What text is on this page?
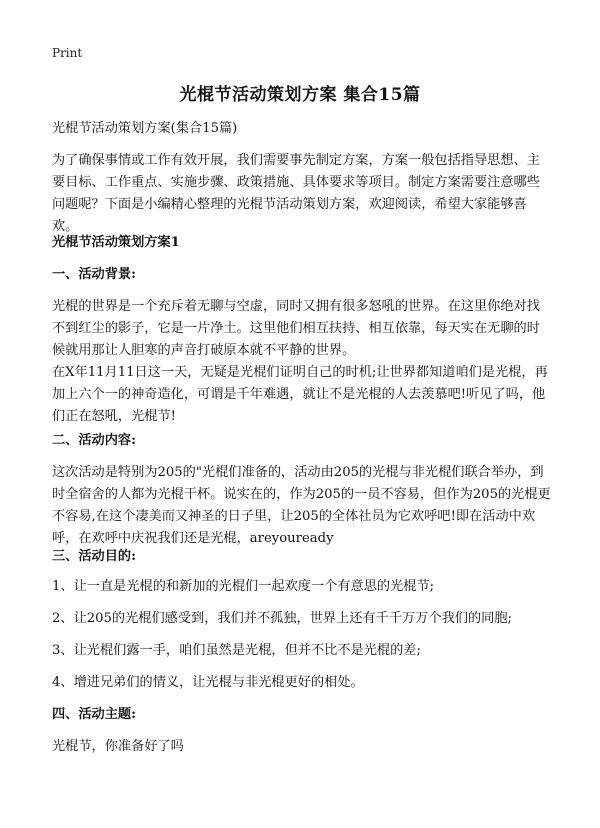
Print
光棍节活动策划方案 集合15篇
光棍节活动策划方案(集合15篇)
为了确保事情或工作有效开展，我们需要事先制定方案，方案一般包括指导思想、主要目标、工作重点、实施步骤、政策措施、具体要求等项目。制定方案需要注意哪些问题呢？下面是小编精心整理的光棍节活动策划方案，欢迎阅读，希望大家能够喜欢。
光棍节活动策划方案1
一、活动背景:
光棍的世界是一个充斥着无聊与空虚，同时又拥有很多怒吼的世界。在这里你绝对找不到红尘的影子，它是一片净土。这里他们相互扶持、相互依靠，每天实在无聊的时候就用那让人胆寒的声音打破原本就不平静的世界。
在X年11月11日这一天，无疑是光棍们证明自己的时机;让世界都知道咱们是光棍，再加上六个一的神奇造化，可谓是千年难遇，就让不是光棍的人去羡慕吧!听见了吗，他们正在怒吼，光棍节!
二、活动内容:
这次活动是特别为205的"光棍们准备的，活动由205的光棍与非光棍们联合举办，到时全宿舍的人都为光棍干杯。说实在的，作为205的一员不容易，但作为205的光棍更不容易,在这个凄美而又神圣的日子里，让205的全体社员为它欢呼吧!即在活动中欢呼，在欢呼中庆祝我们还是光棍，areyouready
三、活动目的:
1、让一直是光棍的和新加的光棍们一起欢度一个有意思的光棍节;
2、让205的光棍们感受到，我们并不孤独，世界上还有千千万万个我们的同胞;
3、让光棍们露一手，咱们虽然是光棍，但并不比不是光棍的差;
4、增进兄弟们的情义，让光棍与非光棍更好的相处。
四、活动主题:
光棍节，你准备好了吗
